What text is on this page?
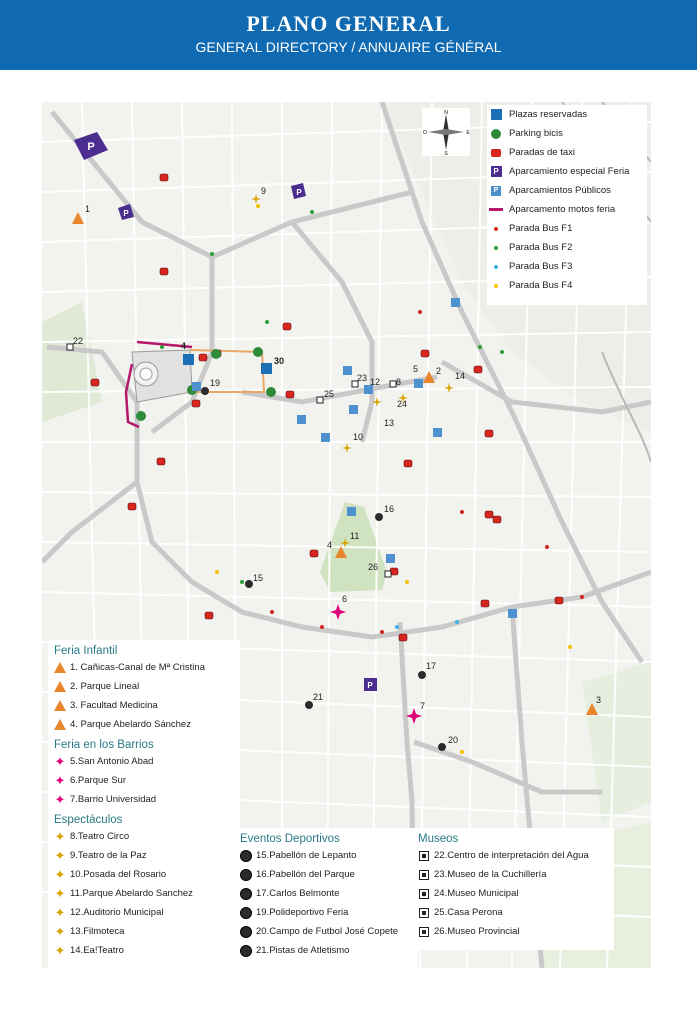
PLANO GENERAL
GENERAL DIRECTORY / ANNUAIRE GÉNÉRAL
P
P
P
P
1
2
3
4
5
6
7
8
9
10
11
12
13
14
15
16
17
19
20
21
22
23
24
25
26
30
4
N
S
E
O
Plazas reservadas
Parking bicis
Paradas de taxi
P Aparcamiento especial Feria
P Aparcamientos Públicos
Aparcamento motos feria
Parada Bus F1
Parada Bus F2
Parada Bus F3
Parada Bus F4
Feria Infantil
1. Cañicas-Canal de Mª Cristina
2. Parque Lineal
3. Facultad Medicina
4. Parque Abelardo Sánchez
Feria en los Barrios
✦ 5.San Antonio Abad
✦ 6.Parque Sur
✦ 7.Barrio Universidad
Espectáculos
✦ 8.Teatro Circo
✦ 9.Teatro de la Paz
✦ 10.Posada del Rosario
✦ 11.Parque Abelardo Sanchez
✦ 12.Auditorio Municipal
✦ 13.Filmoteca
✦ 14.Ea!Teatro
Eventos Deportivos
15.Pabellón de Lepanto
16.Pabellón del Parque
17.Carlos Belmonte
19.Polideportivo Feria
20.Campo de Futbol José Copete
21.Pistas de Atletismo
Museos
22.Centro de interpretación del Agua
23.Museo de la Cuchillería
24.Museo Municipal
25.Casa Perona
26.Museo Provincial
